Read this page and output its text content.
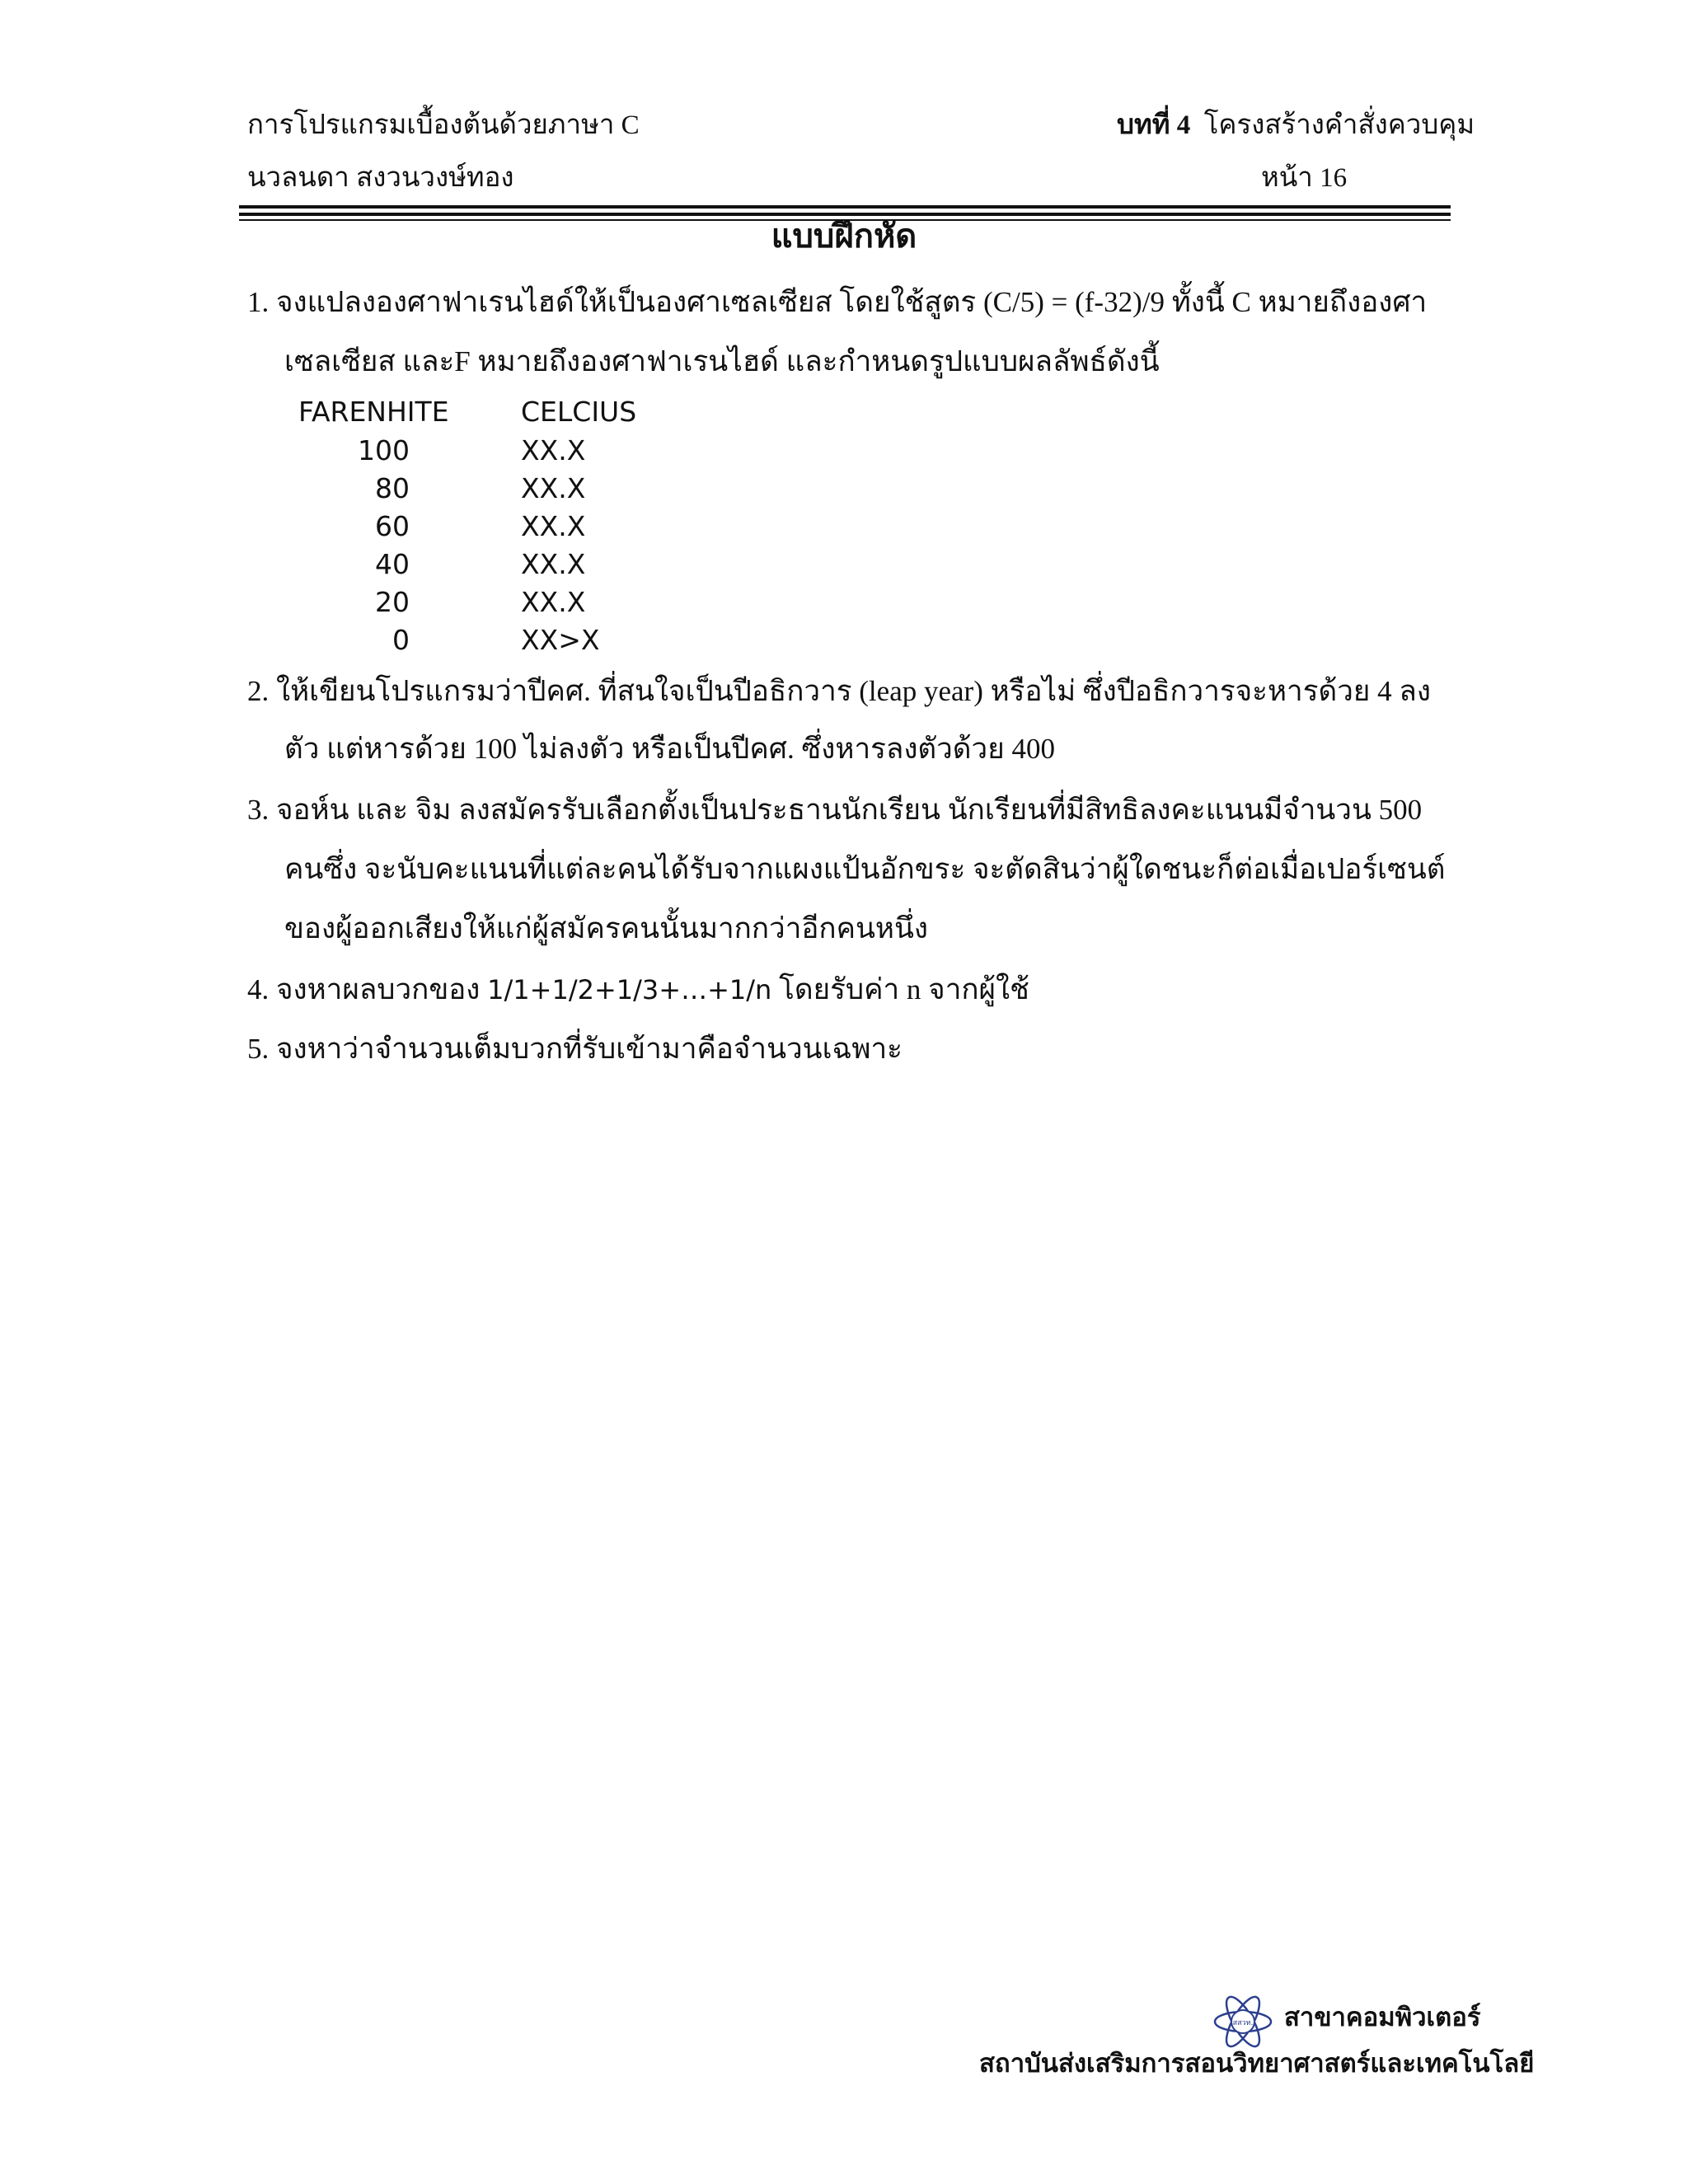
การโปรแกรมเบื้องต้นด้วยภาษา C
นวลนดา สงวนวงษ์ทอง
บทที่ 4 โครงสร้างคำสั่งควบคุม
หน้า 16
แบบฝึกหัด
1. จงแปลงองศาฟาเรนไฮด์ให้เป็นองศาเซลเซียส โดยใช้สูตร (C/5) = (f-32)/9 ทั้งนี้ C หมายถึงองศา
เซลเซียส และF หมายถึงองศาฟาเรนไฮด์ และกำหนดรูปแบบผลลัพธ์ดังนี้
FARENHITE	CELCIUS
100	XX.X
80	XX.X
60	XX.X
40	XX.X
20	XX.X
0	XX>X
2. ให้เขียนโปรแกรมว่าปีคศ. ที่สนใจเป็นปีอธิกวาร (leap year) หรือไม่ ซึ่งปีอธิกวารจะหารด้วย 4 ลง
ตัว แต่หารด้วย 100 ไม่ลงตัว หรือเป็นปีคศ. ซึ่งหารลงตัวด้วย 400
3. จอห์น และ จิม ลงสมัครรับเลือกตั้งเป็นประธานนักเรียน นักเรียนที่มีสิทธิลงคะแนนมีจำนวน 500
คนซึ่ง จะนับคะแนนที่แต่ละคนได้รับจากแผงแป้นอักขระ จะตัดสินว่าผู้ใดชนะก็ต่อเมื่อเปอร์เซนต์
ของผู้ออกเสียงให้แก่ผู้สมัครคนนั้นมากกว่าอีกคนหนึ่ง
4. จงหาผลบวกของ 1/1+1/2+1/3+…+1/n โดยรับค่า n จากผู้ใช้
5. จงหาว่าจำนวนเต็มบวกที่รับเข้ามาคือจำนวนเฉพาะ
สสวท. สาขาคอมพิวเตอร์
สถาบันส่งเสริมการสอนวิทยาศาสตร์และเทคโนโลยี
